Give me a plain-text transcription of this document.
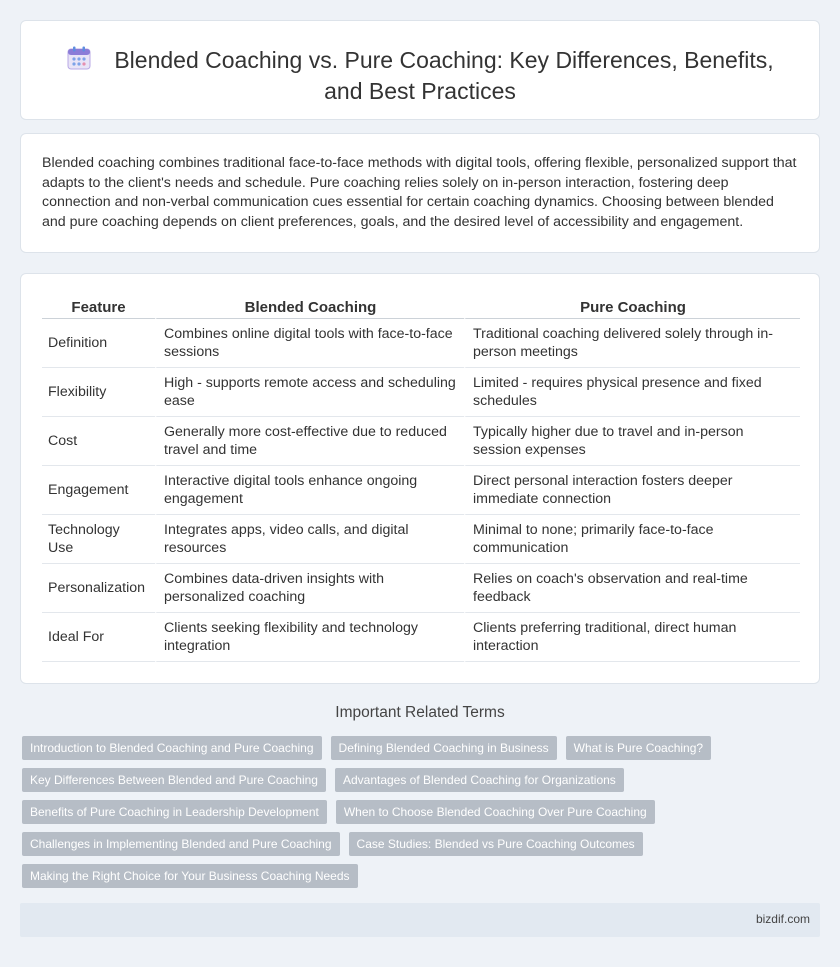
Blended Coaching vs. Pure Coaching: Key Differences, Benefits, and Best Practices

Blended coaching combines traditional face-to-face methods with digital tools, offering flexible, personalized support that adapts to the client's needs and schedule. Pure coaching relies solely on in-person interaction, fostering deep connection and non-verbal communication cues essential for certain coaching dynamics. Choosing between blended and pure coaching depends on client preferences, goals, and the desired level of accessibility and engagement.

Feature	Blended Coaching	Pure Coaching
Definition	Combines online digital tools with face-to-face sessions	Traditional coaching delivered solely through in-person meetings
Flexibility	High - supports remote access and scheduling ease	Limited - requires physical presence and fixed schedules
Cost	Generally more cost-effective due to reduced travel and time	Typically higher due to travel and in-person session expenses
Engagement	Interactive digital tools enhance ongoing engagement	Direct personal interaction fosters deeper immediate connection
Technology Use	Integrates apps, video calls, and digital resources	Minimal to none; primarily face-to-face communication
Personalization	Combines data-driven insights with personalized coaching	Relies on coach's observation and real-time feedback
Ideal For	Clients seeking flexibility and technology integration	Clients preferring traditional, direct human interaction
Important Related Terms
Introduction to Blended Coaching and Pure Coaching	Defining Blended Coaching in Business	What is Pure Coaching?
Key Differences Between Blended and Pure Coaching	Advantages of Blended Coaching for Organizations
Benefits of Pure Coaching in Leadership Development	When to Choose Blended Coaching Over Pure Coaching
Challenges in Implementing Blended and Pure Coaching	Case Studies: Blended vs Pure Coaching Outcomes
Making the Right Choice for Your Business Coaching Needs
bizdif.com
